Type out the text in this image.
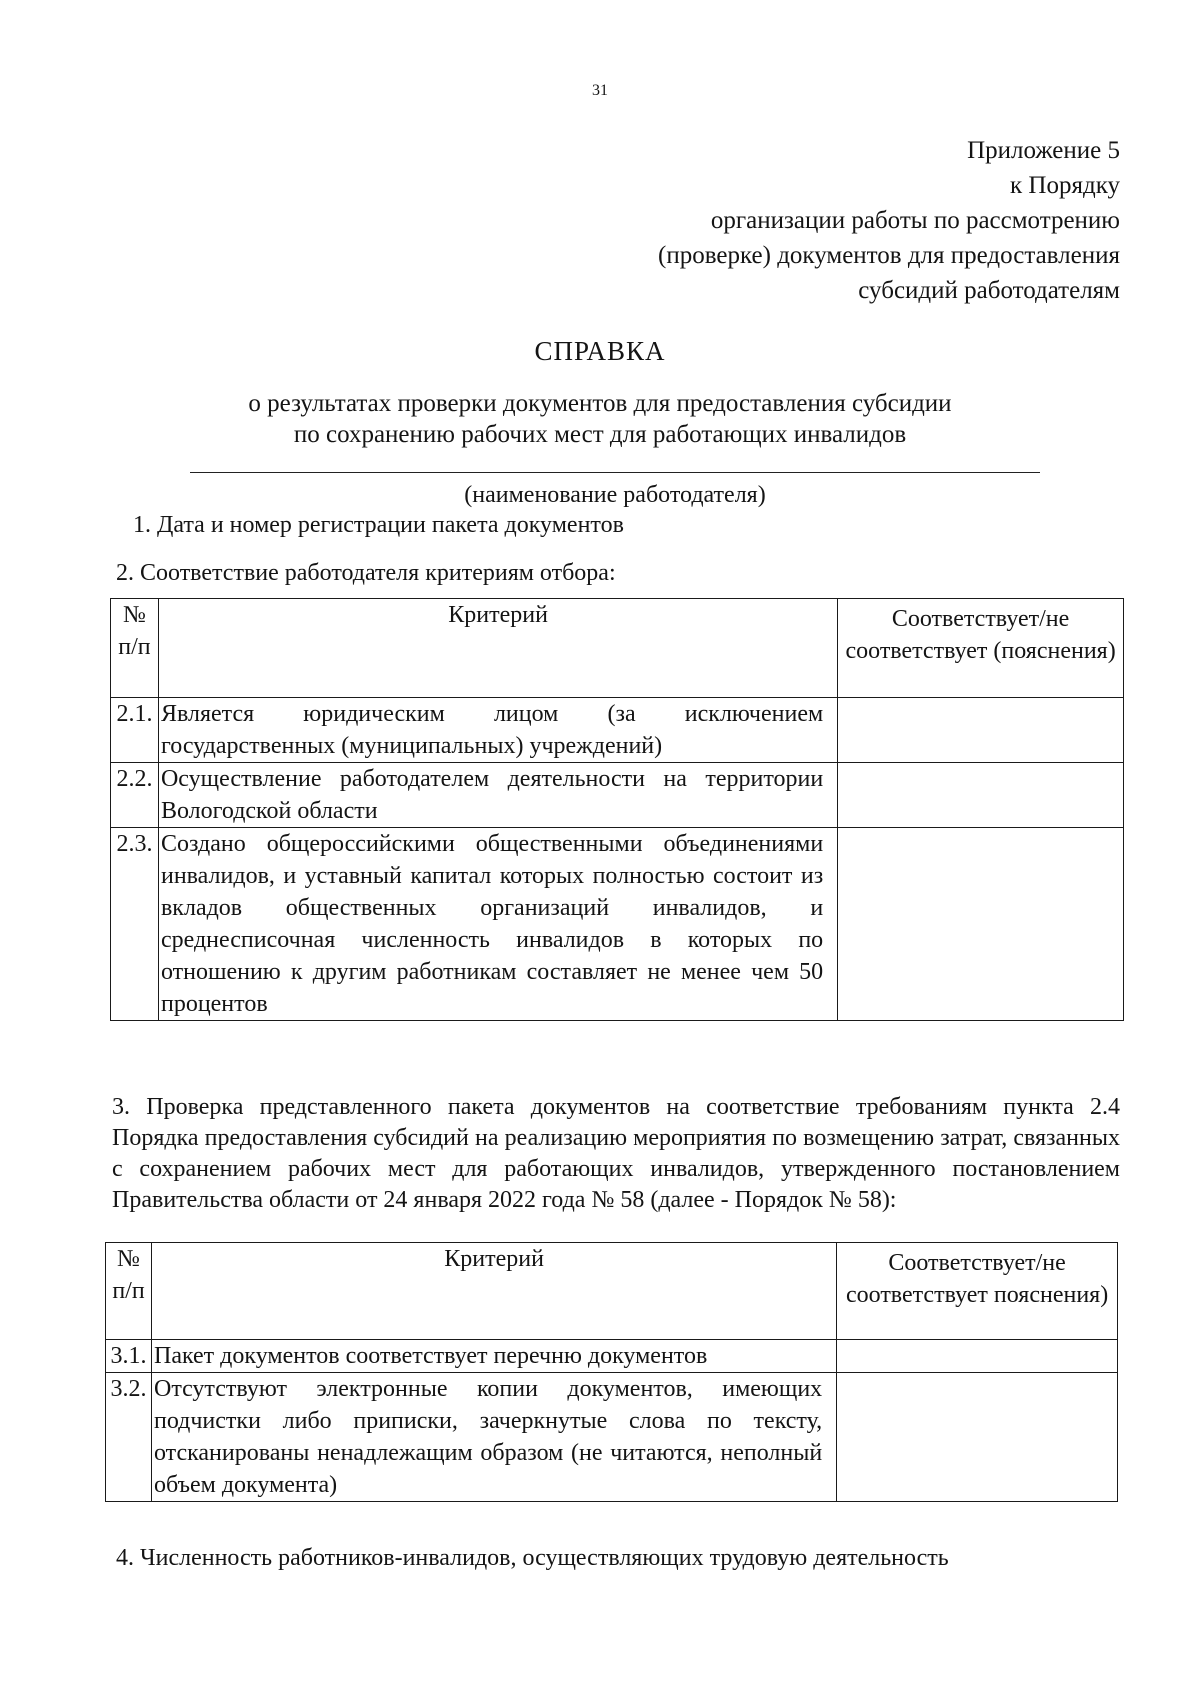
31
Приложение 5
к Порядку
организации работы по рассмотрению
(проверке) документов для предоставления
субсидий работодателям
СПРАВКА
о результатах проверки документов для предоставления субсидии
по сохранению рабочих мест для работающих инвалидов
(наименование работодателя)
1. Дата и номер регистрации пакета документов
2. Соответствие работодателя критериям отбора:
№ п/п	Критерий	Соответствует/не соответствует (пояснения)
2.1.	Является юридическим лицом (за исключением государственных (муниципальных) учреждений)	
2.2.	Осуществление работодателем деятельности на территории Вологодской области	
2.3.	Создано общероссийскими общественными объединениями инвалидов, и уставный капитал которых полностью состоит из вкладов общественных организаций инвалидов, и среднесписочная численность инвалидов в которых по отношению к другим работникам составляет не менее чем 50 процентов	
3. Проверка представленного пакета документов на соответствие требованиям пункта 2.4 Порядка предоставления субсидий на реализацию мероприятия по возмещению затрат, связанных с сохранением рабочих мест для работающих инвалидов, утвержденного постановлением Правительства области от 24 января 2022 года № 58 (далее - Порядок № 58):
№ п/п	Критерий	Соответствует/не соответствует пояснения)
3.1.	Пакет документов соответствует перечню документов	
3.2.	Отсутствуют электронные копии документов, имеющих подчистки либо приписки, зачеркнутые слова по тексту, отсканированы ненадлежащим образом (не читаются, неполный объем документа)	
4. Численность работников-инвалидов, осуществляющих трудовую деятельность
